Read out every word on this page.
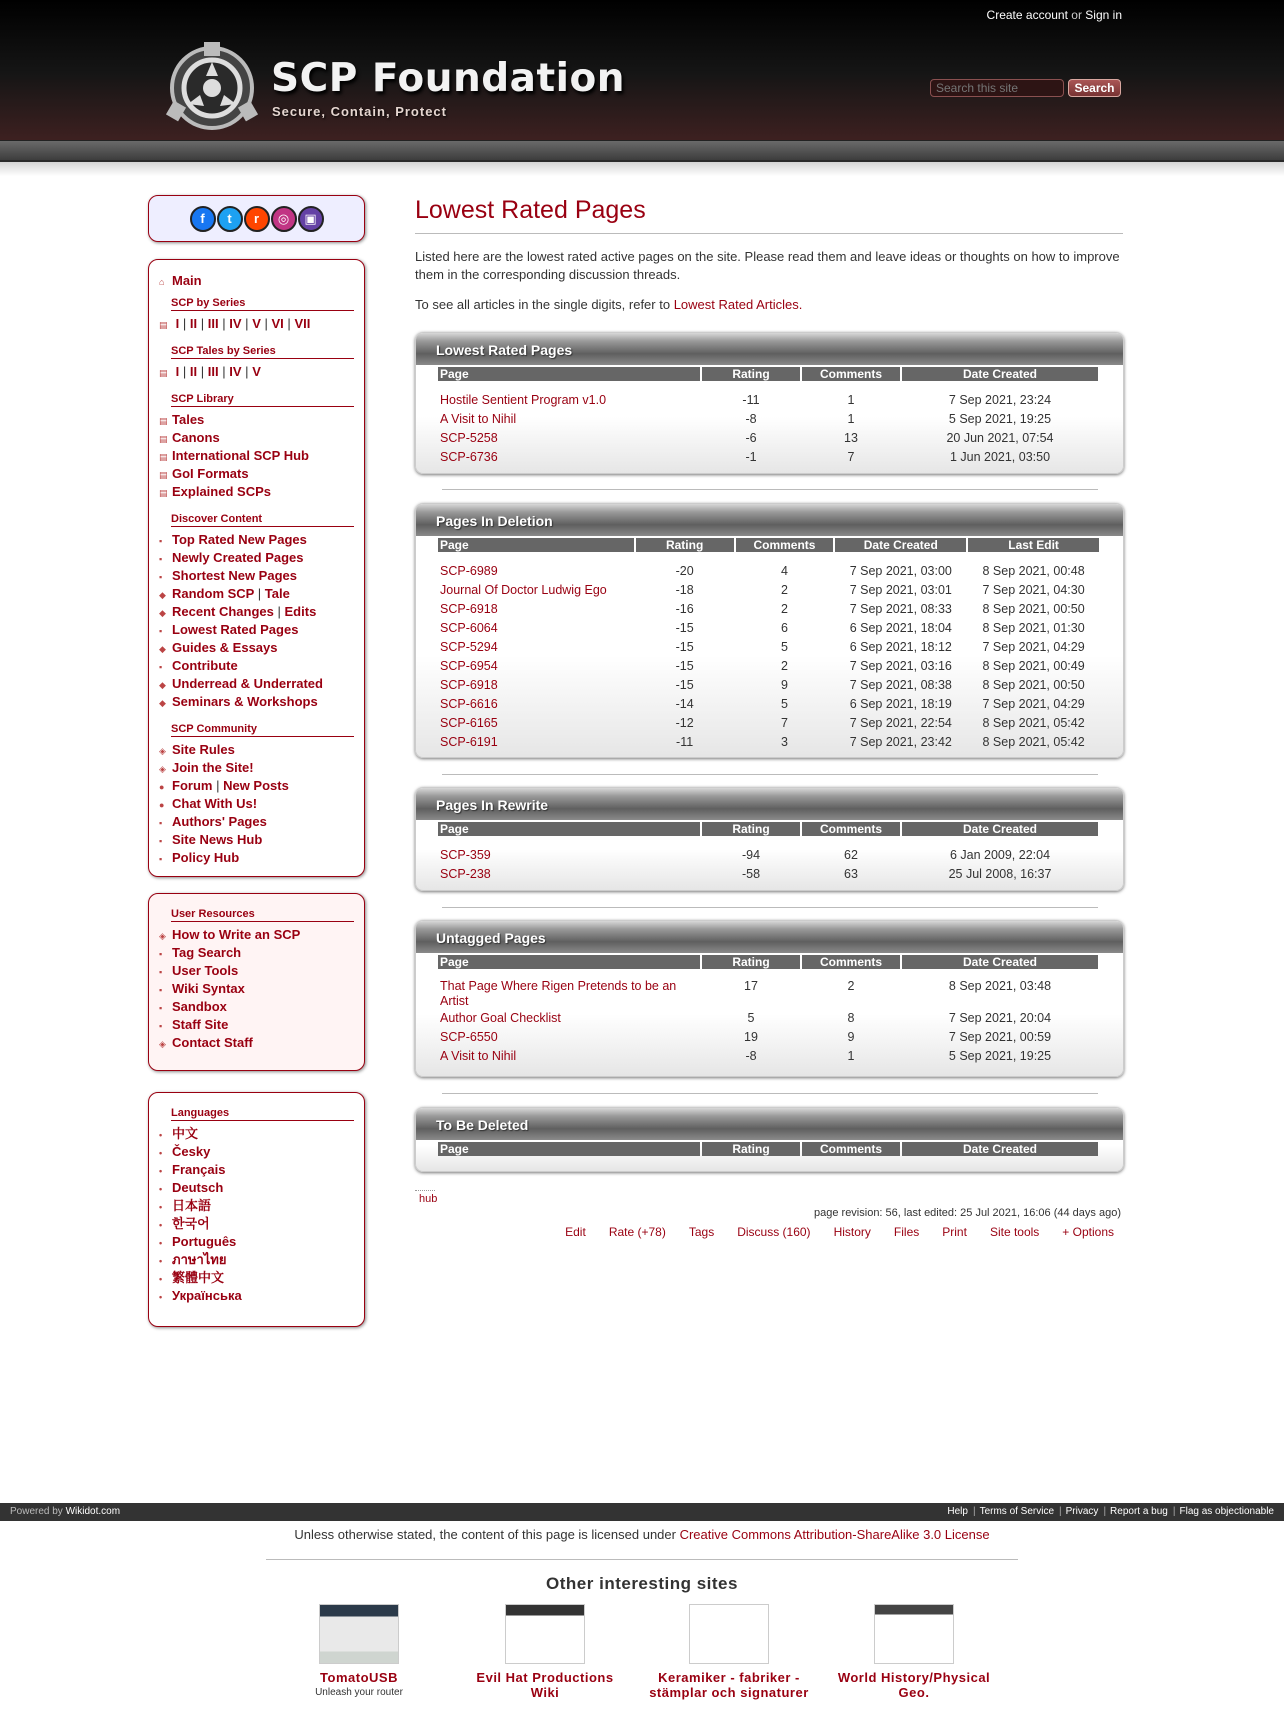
Create account or Sign in
SCP Foundation
Secure, Contain, Protect
Search this site
Search
SCP Series	Tales	Library	Universe	SCP Global	Background	Info Pages
f	t	r	◎	▣
⌂ Main
SCP by Series
▤ I | II | III | IV | V | VI | VII
SCP Tales by Series
▤ I | II | III | IV | V
SCP Library
▤ Tales
▤ Canons
▤ International SCP Hub
▤ GoI Formats
▤ Explained SCPs
Discover Content
▪ Top Rated New Pages
▪ Newly Created Pages
▪ Shortest New Pages
◆ Random SCP | Tale
◆ Recent Changes | Edits
▪ Lowest Rated Pages
◆ Guides & Essays
▪ Contribute
◆ Underread & Underrated
◆ Seminars & Workshops
SCP Community
◈ Site Rules
◈ Join the Site!
● Forum | New Posts
● Chat With Us!
▪ Authors' Pages
▪ Site News Hub
▪ Policy Hub
User Resources
◈ How to Write an SCP
▪ Tag Search
▪ User Tools
▪ Wiki Syntax
▪ Sandbox
▪ Staff Site
◈ Contact Staff
Languages
• 中文
• Česky
• Français
• Deutsch
• 日本語
• 한국어
• Português
• ภาษาไทย
• 繁體中文
• Українська
Lowest Rated Pages

Listed here are the lowest rated active pages on the site. Please read them and leave ideas or thoughts on how to improve them in the corresponding discussion threads.

To see all articles in the single digits, refer to Lowest Rated Articles.

Lowest Rated Pages
Page	Rating	Comments	Date Created
Hostile Sentient Program v1.0	-11	1	7 Sep 2021, 23:24
A Visit to Nihil	-8	1	5 Sep 2021, 19:25
SCP-5258	-6	13	20 Jun 2021, 07:54
SCP-6736	-1	7	1 Jun 2021, 03:50
Pages In Deletion
Page	Rating	Comments	Date Created	Last Edit
SCP-6989	-20	4	7 Sep 2021, 03:00	8 Sep 2021, 00:48
Journal Of Doctor Ludwig Ego	-18	2	7 Sep 2021, 03:01	7 Sep 2021, 04:30
SCP-6918	-16	2	7 Sep 2021, 08:33	8 Sep 2021, 00:50
SCP-6064	-15	6	6 Sep 2021, 18:04	8 Sep 2021, 01:30
SCP-5294	-15	5	6 Sep 2021, 18:12	7 Sep 2021, 04:29
SCP-6954	-15	2	7 Sep 2021, 03:16	8 Sep 2021, 00:49
SCP-6918	-15	9	7 Sep 2021, 08:38	8 Sep 2021, 00:50
SCP-6616	-14	5	6 Sep 2021, 18:19	7 Sep 2021, 04:29
SCP-6165	-12	7	7 Sep 2021, 22:54	8 Sep 2021, 05:42
SCP-6191	-11	3	7 Sep 2021, 23:42	8 Sep 2021, 05:42
Pages In Rewrite
Page	Rating	Comments	Date Created
SCP-359	-94	62	6 Jan 2009, 22:04
SCP-238	-58	63	25 Jul 2008, 16:37
Untagged Pages
Page	Rating	Comments	Date Created
That Page Where Rigen Pretends to be an Artist
17	2	8 Sep 2021, 03:48
Author Goal Checklist	5	8	7 Sep 2021, 20:04
SCP-6550	19	9	7 Sep 2021, 00:59
A Visit to Nihil	-8	1	5 Sep 2021, 19:25
To Be Deleted
Page	Rating	Comments	Date Created
hub
page revision: 56, last edited: 25 Jul 2021, 16:06 (44 days ago)
Edit Rate (+78) Tags Discuss (160) History Files Print Site tools + Options
Powered by Wikidot.com	Help | Terms of Service | Privacy | Report a bug | Flag as objectionable
Unless otherwise stated, the content of this page is licensed under Creative Commons Attribution-ShareAlike 3.0 License
Other interesting sites
TomatoUSB
Unleash your router
Evil Hat Productions Wiki
Keramiker - fabriker - stämplar och signaturer
World History/Physical Geo.
